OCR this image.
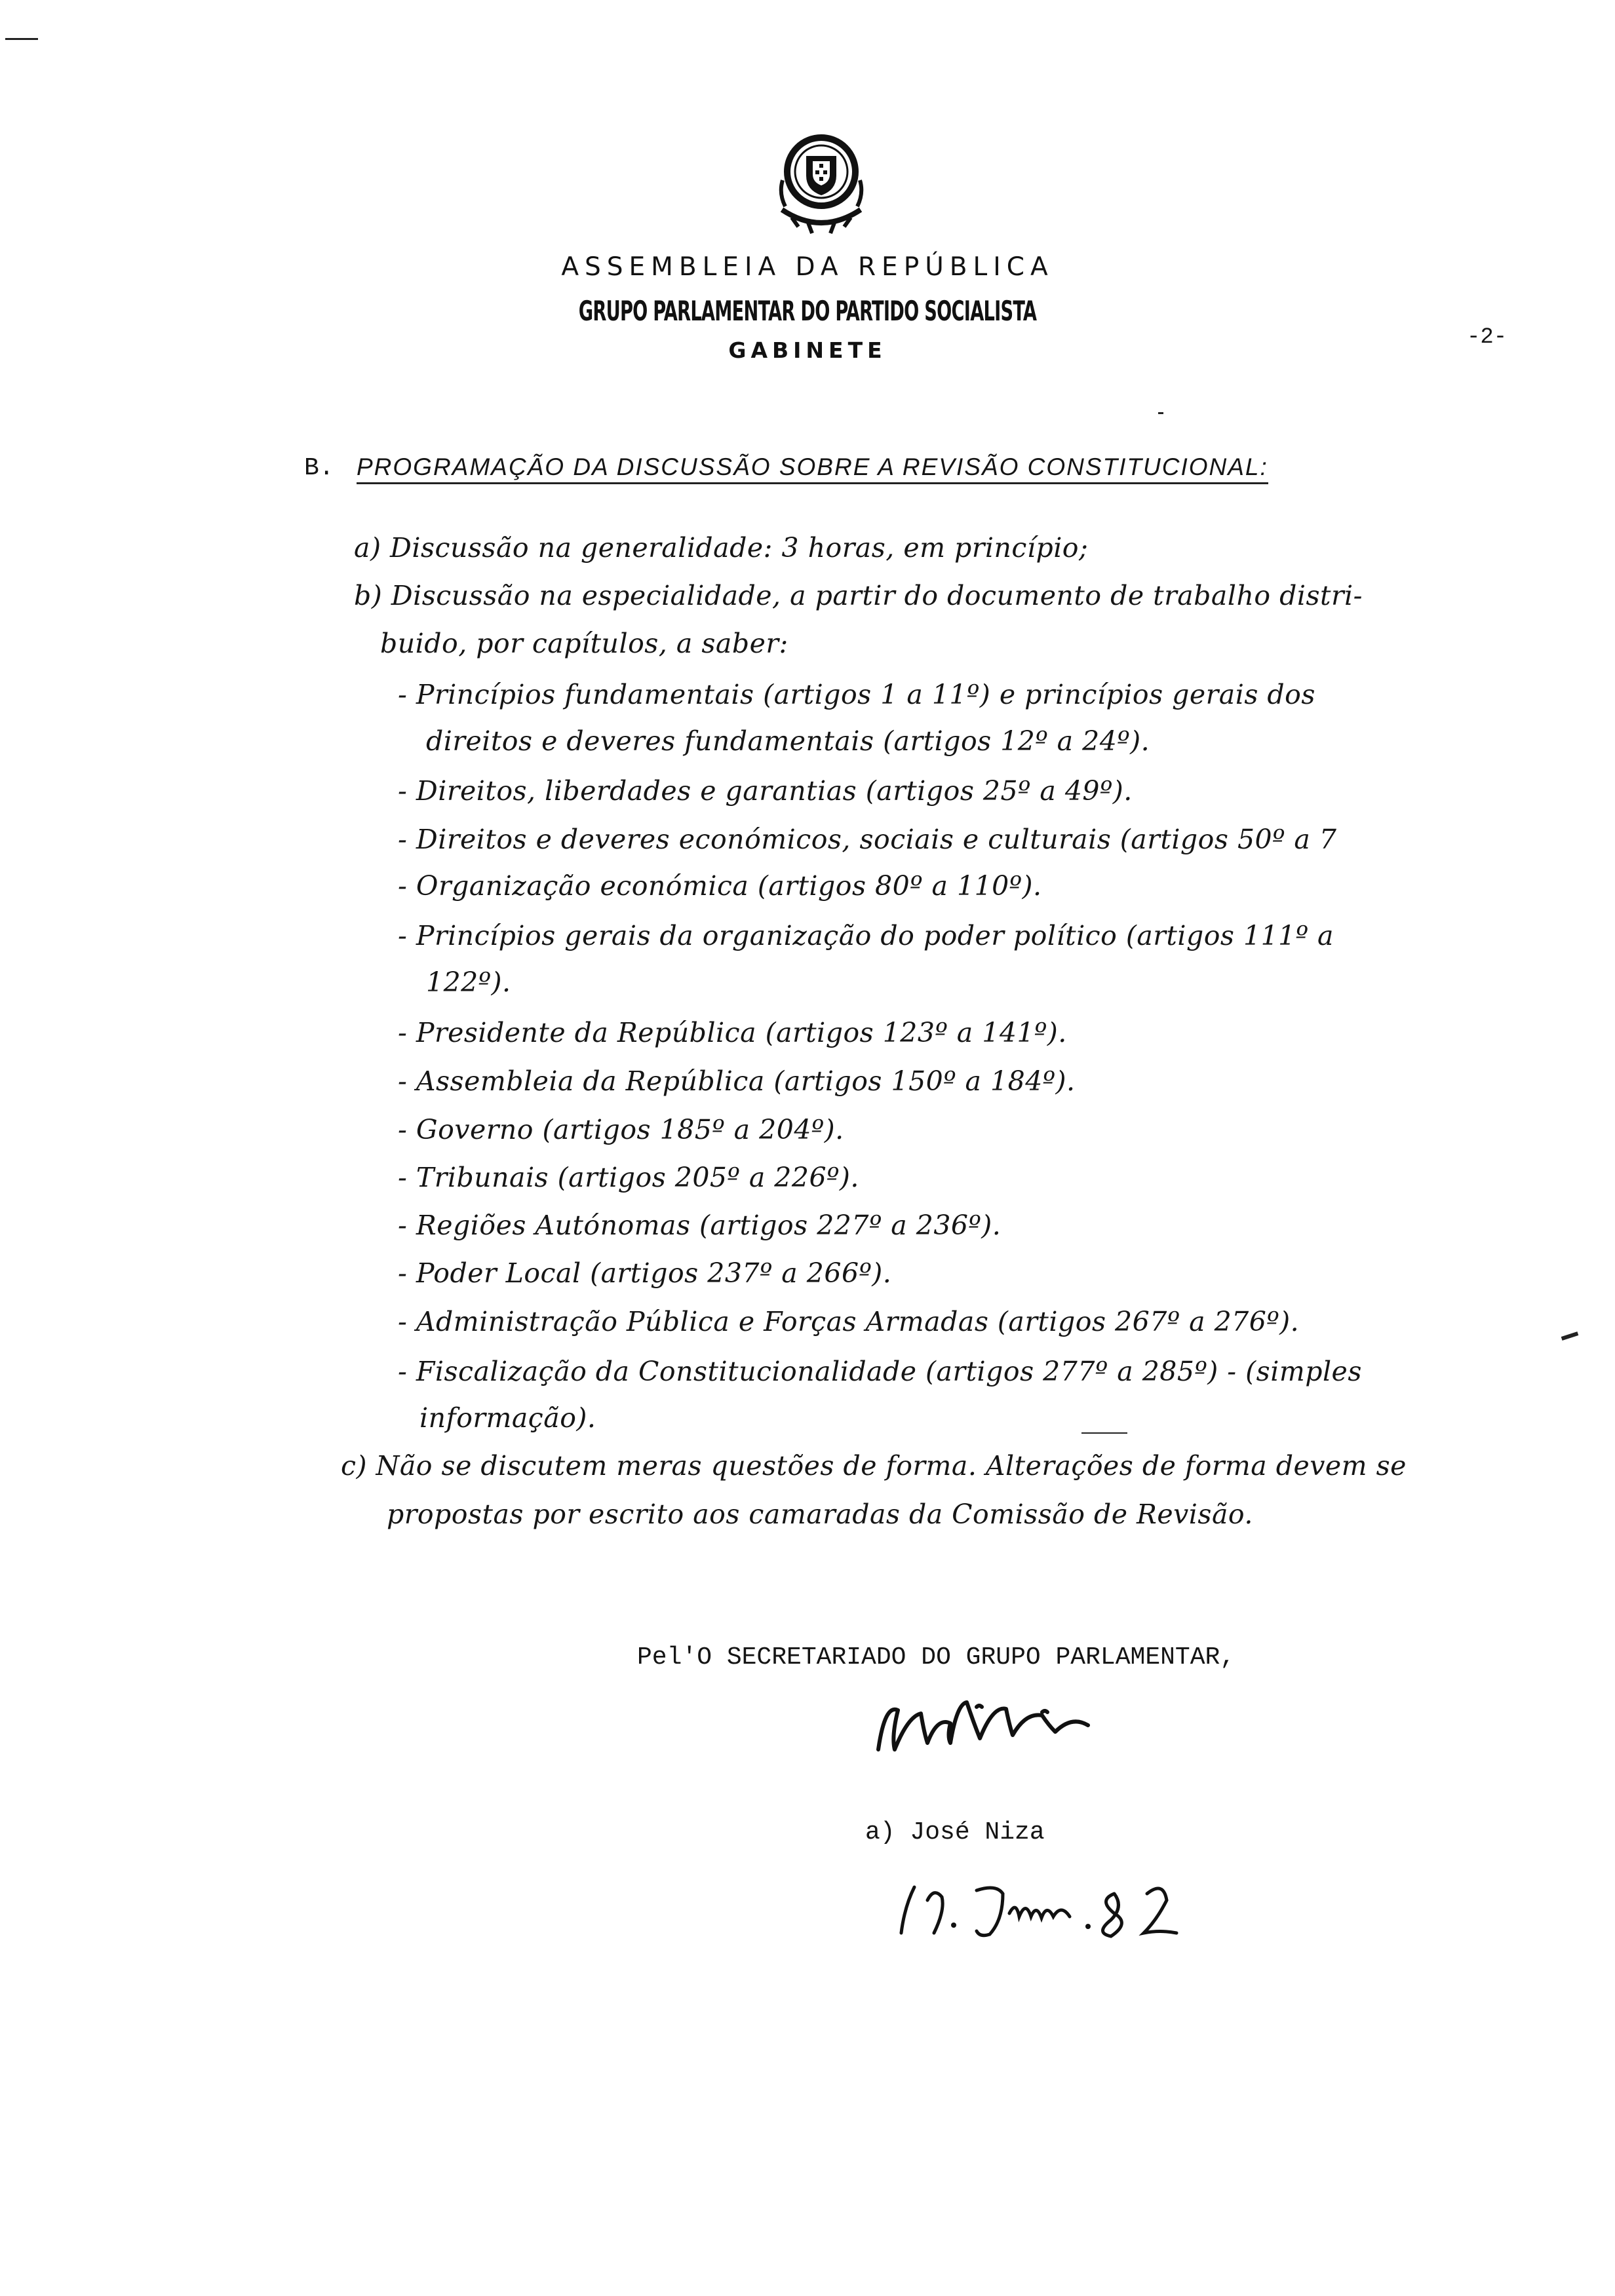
ASSEMBLEIA DA REPÚBLICA
GRUPO PARLAMENTAR DO PARTIDO SOCIALISTA
GABINETE	-2-
B. PROGRAMAÇÃO DA DISCUSSÃO SOBRE A REVISÃO CONSTITUCIONAL:
a) Discussão na generalidade: 3 horas, em princípio;
b) Discussão na especialidade, a partir do documento de trabalho distri-
buido, por capítulos, a saber:
- Princípios fundamentais (artigos 1 a 11º) e princípios gerais dos
direitos e deveres fundamentais (artigos 12º a 24º).
- Direitos, liberdades e garantias (artigos 25º a 49º).
- Direitos e deveres económicos, sociais e culturais (artigos 50º a 7
- Organização económica (artigos 80º a 110º).
- Princípios gerais da organização do poder político (artigos 111º a
122º).
- Presidente da República (artigos 123º a 141º).
- Assembleia da República (artigos 150º a 184º).
- Governo (artigos 185º a 204º).
- Tribunais (artigos 205º a 226º).
- Regiões Autónomas (artigos 227º a 236º).
- Poder Local (artigos 237º a 266º).
- Administração Pública e Forças Armadas (artigos 267º a 276º).
- Fiscalização da Constitucionalidade (artigos 277º a 285º) - (simples
informação).
c) Não se discutem meras questões de forma. Alterações de forma devem se
propostas por escrito aos camaradas da Comissão de Revisão.
Pel'O SECRETARIADO DO GRUPO PARLAMENTAR,
a) José Niza
